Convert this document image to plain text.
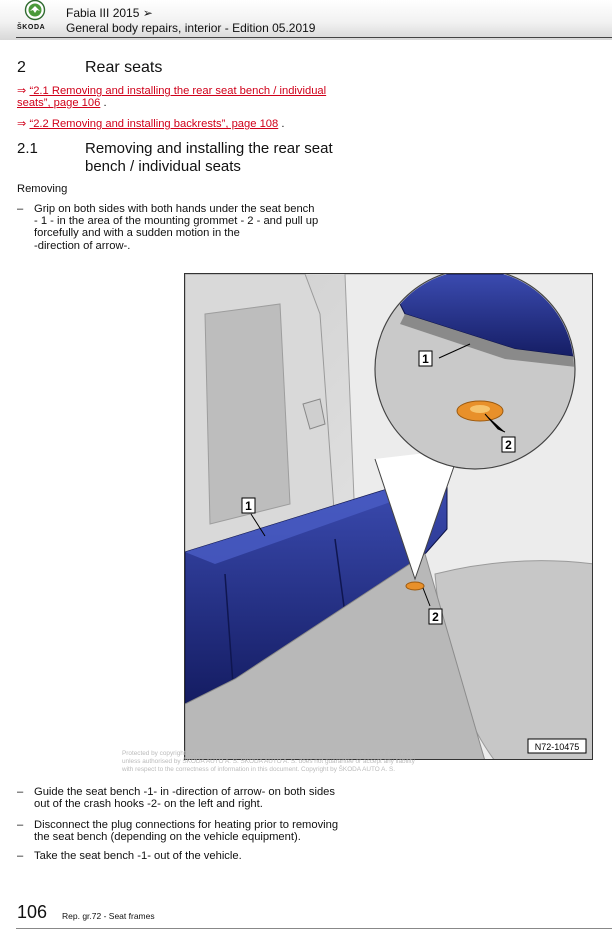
ŠKODA
Fabia III 2015 ➢
General body repairs, interior - Edition 05.2019
2	Rear seats
⇒ “2.1 Removing and installing the rear seat bench / individual
seats”, page 106 .
⇒ “2.2 Removing and installing backrests”, page 108 .
2.1	Removing and installing the rear seat
bench / individual seats
Removing
– Grip on both sides with both hands under the seat bench
- 1 - in the area of the mounting grommet - 2 - and pull up
forcefully and with a sudden motion in the
-direction of arrow-.
1
2
1
2
N72-10475
Protected by copyright. Copying for private or commercial purposes, in part or in whole, is not permitted
unless authorised by ŠKODA AUTO A. S. ŠKODA AUTO A. S. does not guarantee or accept any liability
with respect to the correctness of information in this document. Copyright by ŠKODA AUTO A. S.
– Guide the seat bench -1- in -direction of arrow- on both sides
out of the crash hooks -2- on the left and right.
– Disconnect the plug connections for heating prior to removing
the seat bench (depending on the vehicle equipment).
– Take the seat bench -1- out of the vehicle.
106 Rep. gr.72 - Seat frames
